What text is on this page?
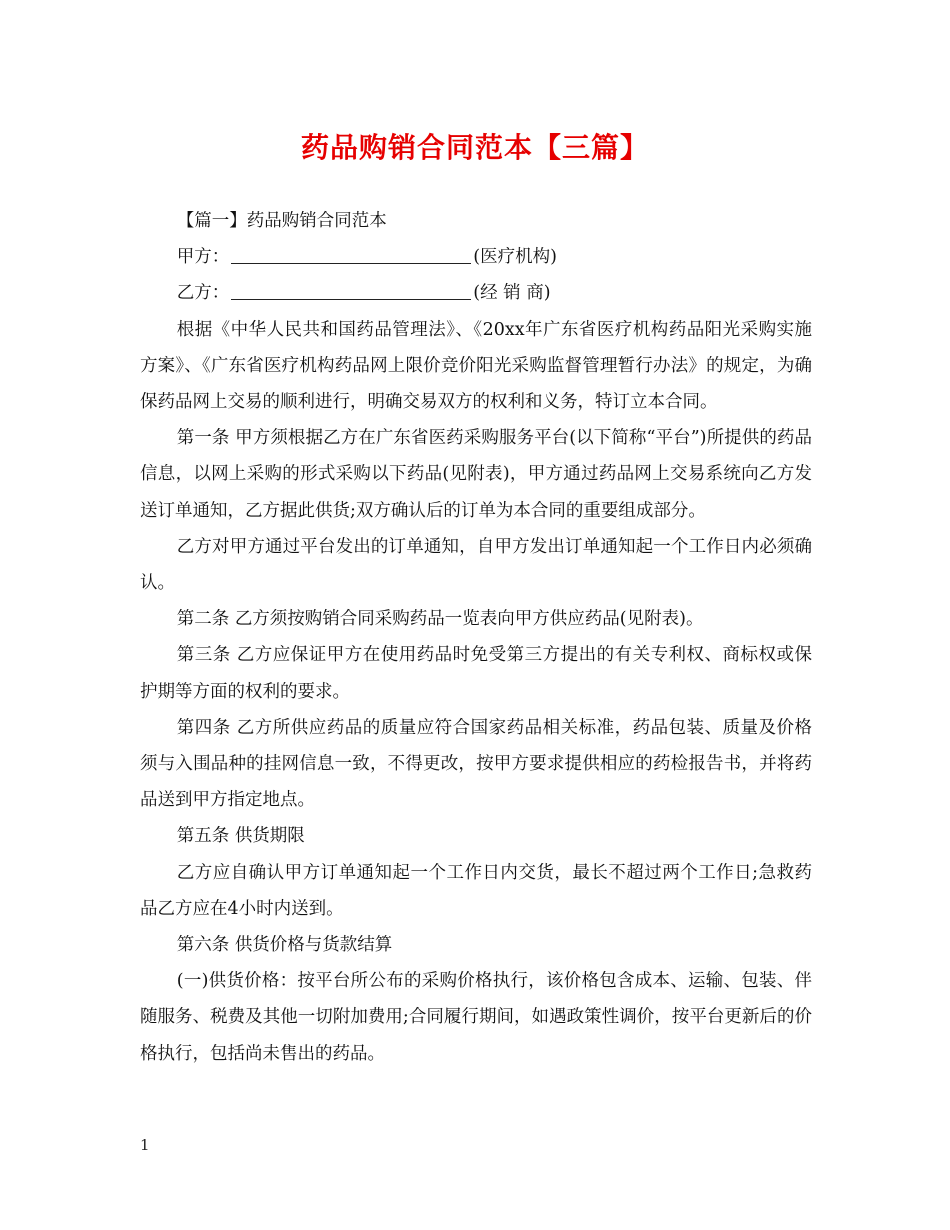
药品购销合同范本【三篇】

【篇一】药品购销合同范本

甲方：	(医疗机构)

乙方：	(经 销 商)

根据《中华人民共和国药品管理法》、《20xx年广东省医疗机构药品阳光采购实施方案》、《广东省医疗机构药品网上限价竞价阳光采购监督管理暂行办法》的规定，为确保药品网上交易的顺利进行，明确交易双方的权利和义务，特订立本合同。

第一条 甲方须根据乙方在广东省医药采购服务平台(以下简称“平台”)所提供的药品信息，以网上采购的形式采购以下药品(见附表)，甲方通过药品网上交易系统向乙方发送订单通知，乙方据此供货;双方确认后的订单为本合同的重要组成部分。

乙方对甲方通过平台发出的订单通知，自甲方发出订单通知起一个工作日内必须确认。

第二条 乙方须按购销合同采购药品一览表向甲方供应药品(见附表)。

第三条 乙方应保证甲方在使用药品时免受第三方提出的有关专利权、商标权或保护期等方面的权利的要求。

第四条 乙方所供应药品的质量应符合国家药品相关标准，药品包装、质量及价格须与入围品种的挂网信息一致，不得更改，按甲方要求提供相应的药检报告书，并将药品送到甲方指定地点。

第五条 供货期限

乙方应自确认甲方订单通知起一个工作日内交货，最长不超过两个工作日;急救药品乙方应在4小时内送到。

第六条 供货价格与货款结算

(一)供货价格：按平台所公布的采购价格执行，该价格包含成本、运输、包装、伴随服务、税费及其他一切附加费用;合同履行期间，如遇政策性调价，按平台更新后的价格执行，包括尚未售出的药品。

1
